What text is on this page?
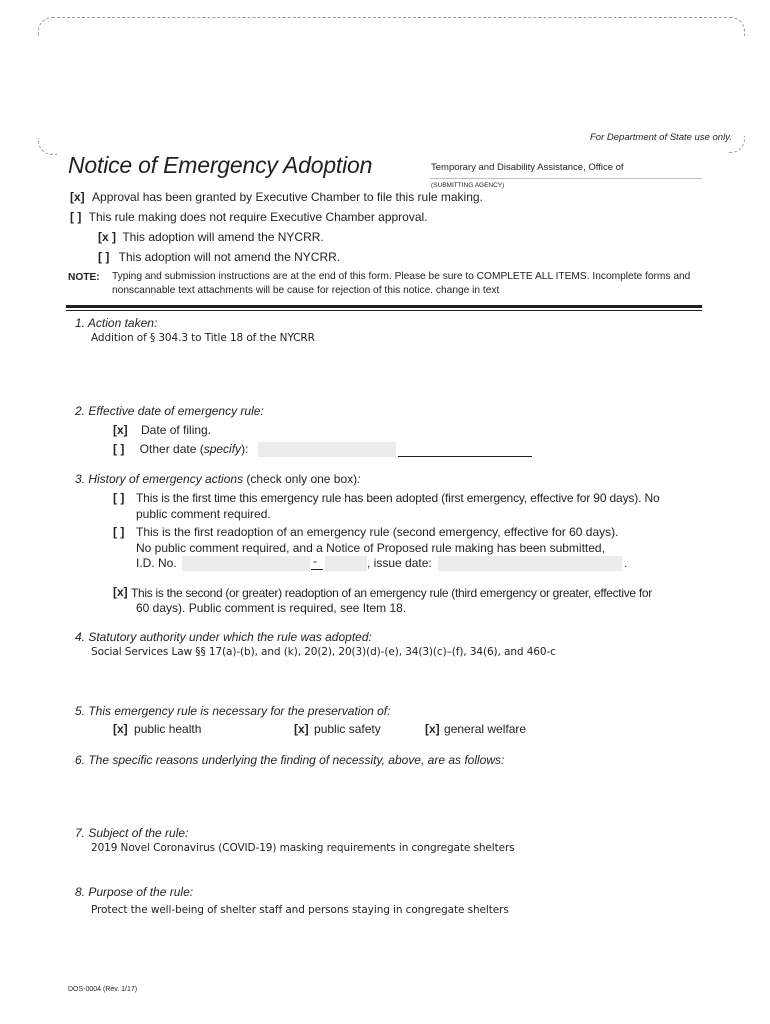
For Department of State use only.
Notice of Emergency Adoption	Temporary and Disability Assistance, Office of
(SUBMITTING AGENCY)
[x] Approval has been granted by Executive Chamber to file this rule making.
[ ] This rule making does not require Executive Chamber approval.
[x ] This adoption will amend the NYCRR.
[ ] This adoption will not amend the NYCRR.
NOTE: Typing and submission instructions are at the end of this form. Please be sure to COMPLETE ALL ITEMS. Incomplete forms and nonscannable text attachments will be cause for rejection of this notice. change in text
1. Action taken:
Addition of § 304.3 to Title 18 of the NYCRR
2. Effective date of emergency rule:
[x] Date of filing.
[ ] Other date (specify):
3. History of emergency actions (check only one box):
[ ] This is the first time this emergency rule has been adopted (first emergency, effective for 90 days). No
public comment required.
[ ] This is the first readoption of an emergency rule (second emergency, effective for 60 days).
No public comment required, and a Notice of Proposed rule making has been submitted,
I.D. No.	-	, issue date:	.
[x] This is the second (or greater) readoption of an emergency rule (third emergency or greater, effective for
60 days). Public comment is required, see Item 18.
4. Statutory authority under which the rule was adopted:
Social Services Law §§ 17(a)-(b), and (k), 20(2), 20(3)(d)-(e), 34(3)(c)–(f), 34(6), and 460-c
5. This emergency rule is necessary for the preservation of:
[x] public health	[x] public safety	[x] general welfare
6. The specific reasons underlying the finding of necessity, above, are as follows:
7. Subject of the rule:
2019 Novel Coronavirus (COVID-19) masking requirements in congregate shelters
8. Purpose of the rule:
Protect the well-being of shelter staff and persons staying in congregate shelters
DOS-0004 (Rev. 1/17)
